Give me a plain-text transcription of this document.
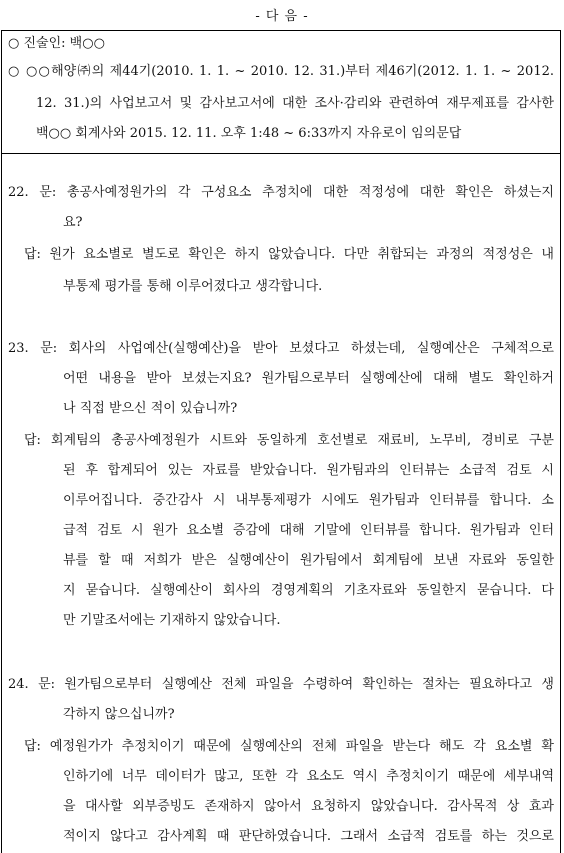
- 다 음 -
○ 진술인: 백○○
○ ○○해양㈜의 제44기(2010. 1. 1. ~ 2010. 12. 31.)부터 제46기(2012. 1. 1. ~ 2012.
12. 31.)의 사업보고서 및 감사보고서에 대한 조사·감리와 관련하여 재무제표를 감사한
백○○ 회계사와 2015. 12. 11. 오후 1:48 ~ 6:33까지 자유로이 임의문답
22. 문: 총공사예정원가의 각 구성요소 추정치에 대한 적정성에 대한 확인은 하셨는지
요?
답: 원가 요소별로 별도로 확인은 하지 않았습니다. 다만 취합되는 과정의 적정성은 내
부통제 평가를 통해 이루어졌다고 생각합니다.
23. 문: 회사의 사업예산(실행예산)을 받아 보셨다고 하셨는데, 실행예산은 구체적으로
어떤 내용을 받아 보셨는지요? 원가팀으로부터 실행예산에 대해 별도 확인하거
나 직접 받으신 적이 있습니까?
답: 회계팀의 총공사예정원가 시트와 동일하게 호선별로 재료비, 노무비, 경비로 구분
된 후 합계되어 있는 자료를 받았습니다. 원가팀과의 인터뷰는 소급적 검토 시
이루어집니다. 중간감사 시 내부통제평가 시에도 원가팀과 인터뷰를 합니다. 소
급적 검토 시 원가 요소별 증감에 대해 기말에 인터뷰를 합니다. 원가팀과 인터
뷰를 할 때 저희가 받은 실행예산이 원가팀에서 회계팀에 보낸 자료와 동일한
지 묻습니다. 실행예산이 회사의 경영계획의 기초자료와 동일한지 묻습니다. 다
만 기말조서에는 기재하지 않았습니다.
24. 문: 원가팀으로부터 실행예산 전체 파일을 수령하여 확인하는 절차는 필요하다고 생
각하지 않으십니까?
답: 예정원가가 추정치이기 때문에 실행예산의 전체 파일을 받는다 해도 각 요소별 확
인하기에 너무 데이터가 많고, 또한 각 요소도 역시 추정치이기 때문에 세부내역
을 대사할 외부증빙도 존재하지 않아서 요청하지 않았습니다. 감사목적 상 효과
적이지 않다고 감사계획 때 판단하였습니다. 그래서 소급적 검토를 하는 것으로
